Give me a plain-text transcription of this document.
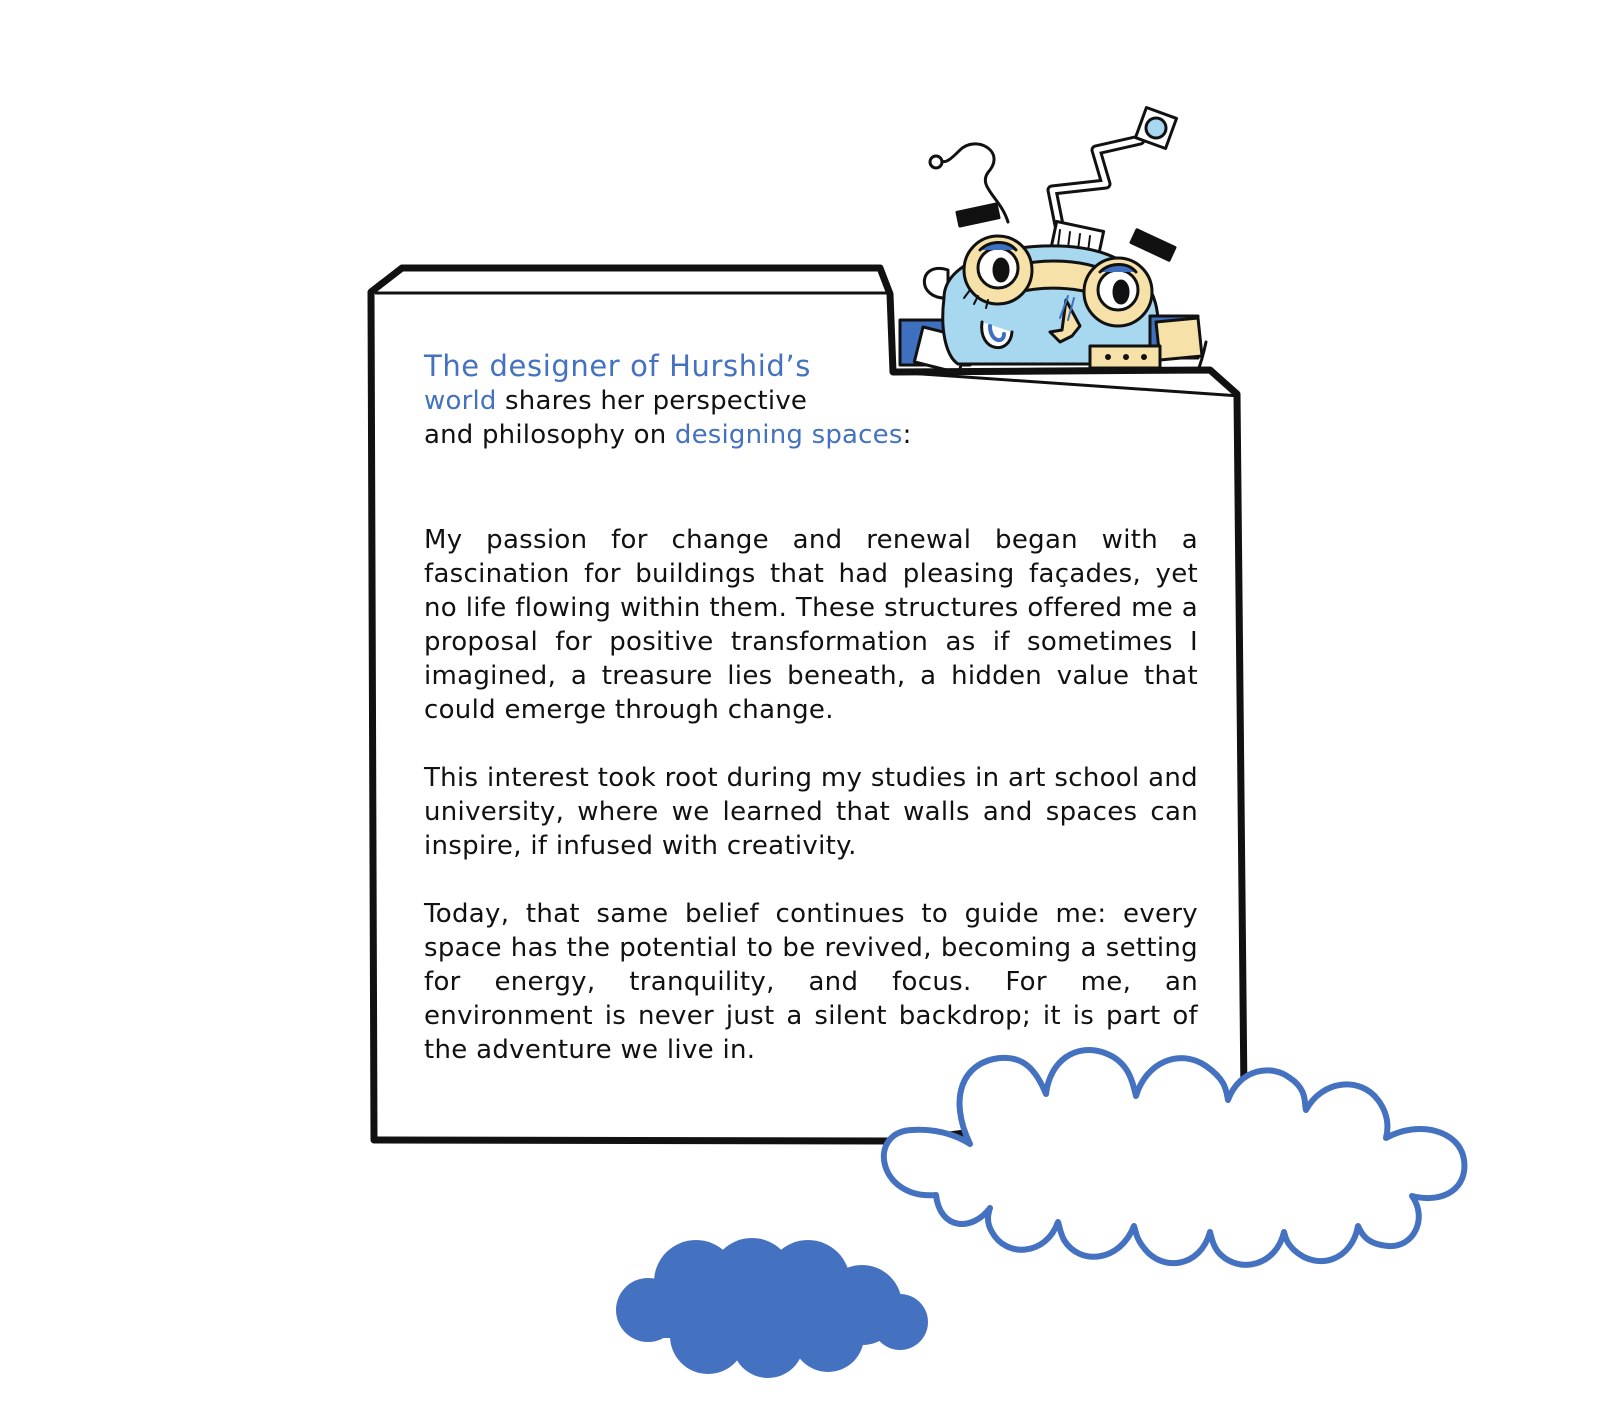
The designer of Hurshid’s
world shares her perspective
and philosophy on designing spaces:

My passion for change and renewal began with a fascination for buildings that had pleasing façades, yet no life flowing within them. These structures offered me a proposal for positive transformation as if sometimes I imagined, a treasure lies beneath, a hidden value that could emerge through change.

This interest took root during my studies in art school and university, where we learned that walls and spaces can inspire, if infused with creativity.

Today, that same belief continues to guide me: every space has the potential to be revived, becoming a setting for energy, tranquility, and focus. For me, an environment is never just a silent backdrop; it is part of the adventure we live in.
